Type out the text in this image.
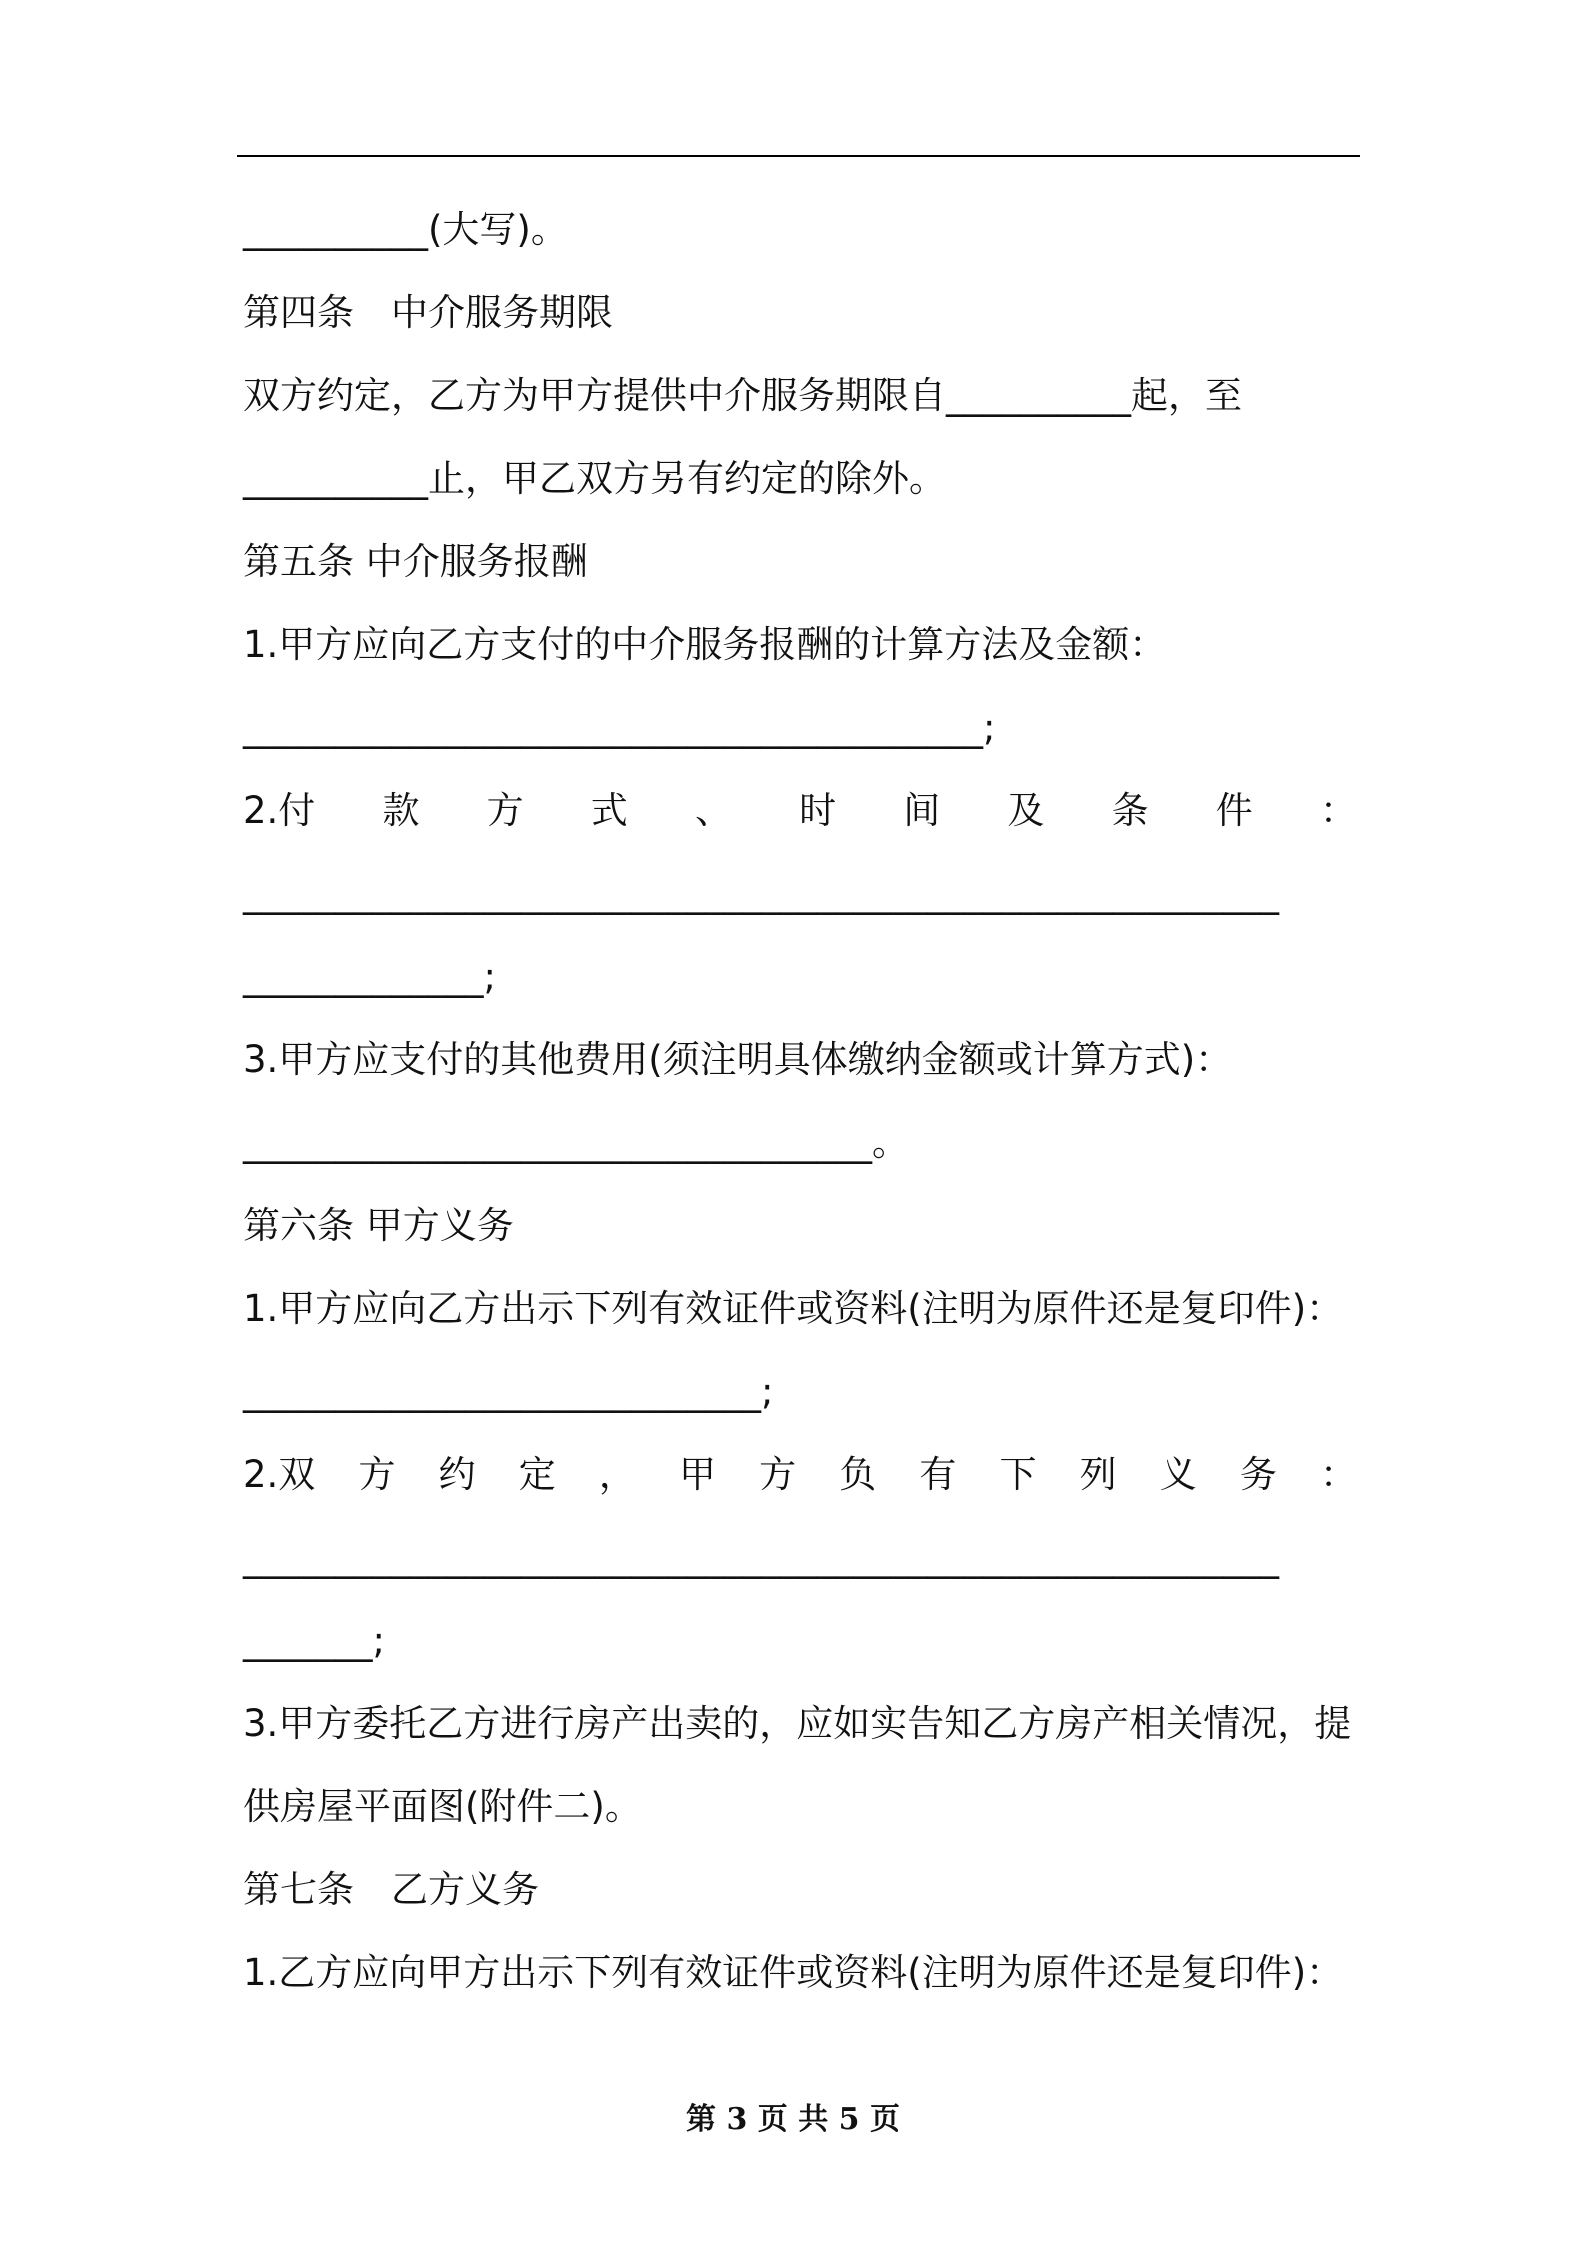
__________(大写)。
第四条　中介服务期限
双方约定，乙方为甲方提供中介服务期限自__________起，至
__________止，甲乙双方另有约定的除外。
第五条 中介服务报酬
1.甲方应向乙方支付的中介服务报酬的计算方法及金额：
________________________________________;
2.付 款 方 式 、 时 间 及 条 件 ：
________________________________________________________
_____________;
3.甲方应支付的其他费用(须注明具体缴纳金额或计算方式)：
__________________________________。
第六条 甲方义务
1.甲方应向乙方出示下列有效证件或资料(注明为原件还是复印件)：
____________________________;
2.双 方 约 定 ， 甲 方 负 有 下 列 义 务 ：
________________________________________________________
_______;
3.甲方委托乙方进行房产出卖的，应如实告知乙方房产相关情况，提
供房屋平面图(附件二)。
第七条　乙方义务
1.乙方应向甲方出示下列有效证件或资料(注明为原件还是复印件)：
第 3 页 共 5 页
